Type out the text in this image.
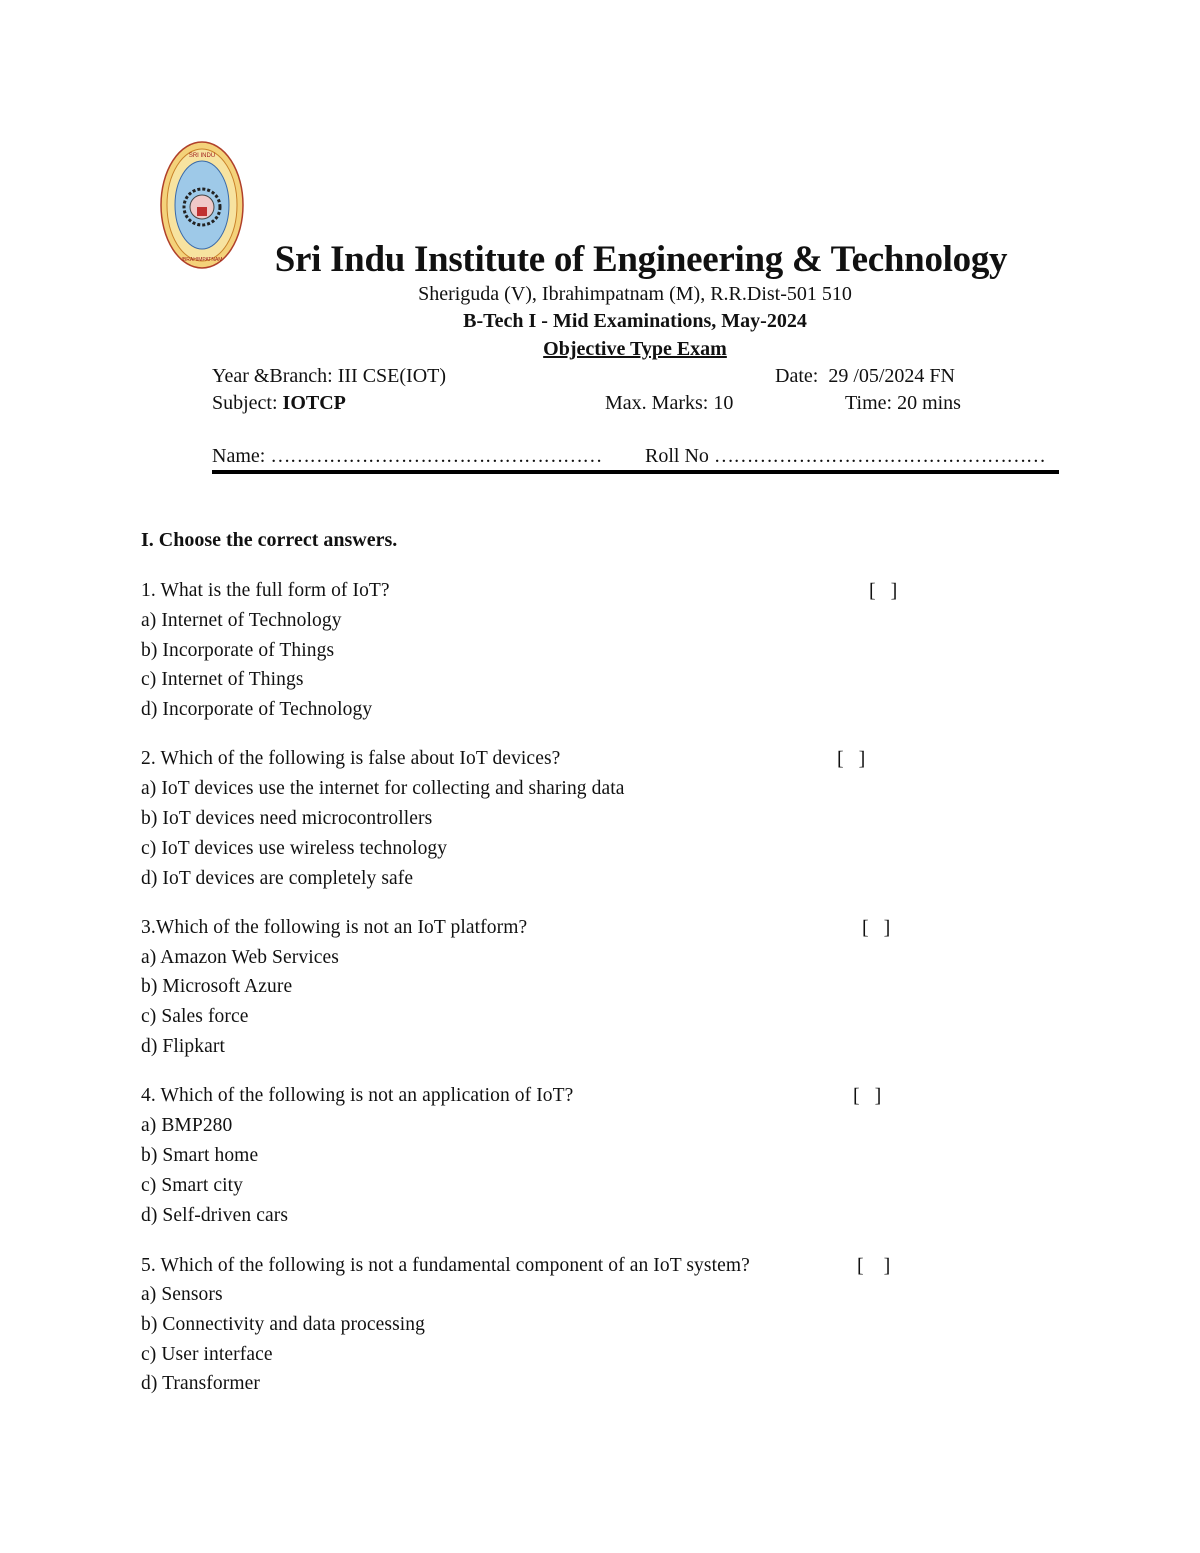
SRI INDU
IBRAHIMPATNAM	Sri Indu Institute of Engineering & Technology
Sheriguda (V), Ibrahimpatnam (M), R.R.Dist-501 510
B-Tech I - Mid Examinations, May-2024
Objective Type Exam
Year &Branch: III CSE(IOT)	Date:  29 /05/2024 FN
Subject: IOTCP	Max. Marks: 10	Time: 20 mins
Name: …………………………………………… Roll No ……………………………………………
I. Choose the correct answers.
1. What is the full form of IoT?	[   ]
a) Internet of Technology
b) Incorporate of Things
c) Internet of Things
d) Incorporate of Technology
2. Which of the following is false about IoT devices?	[   ]
a) IoT devices use the internet for collecting and sharing data
b) IoT devices need microcontrollers
c) IoT devices use wireless technology
d) IoT devices are completely safe
3.Which of the following is not an IoT platform?	[   ]
a) Amazon Web Services
b) Microsoft Azure
c) Sales force
d) Flipkart
4. Which of the following is not an application of IoT?	[   ]
a) BMP280
b) Smart home
c) Smart city
d) Self-driven cars
5. Which of the following is not a fundamental component of an IoT system?	[    ]
a) Sensors
b) Connectivity and data processing
c) User interface
d) Transformer
